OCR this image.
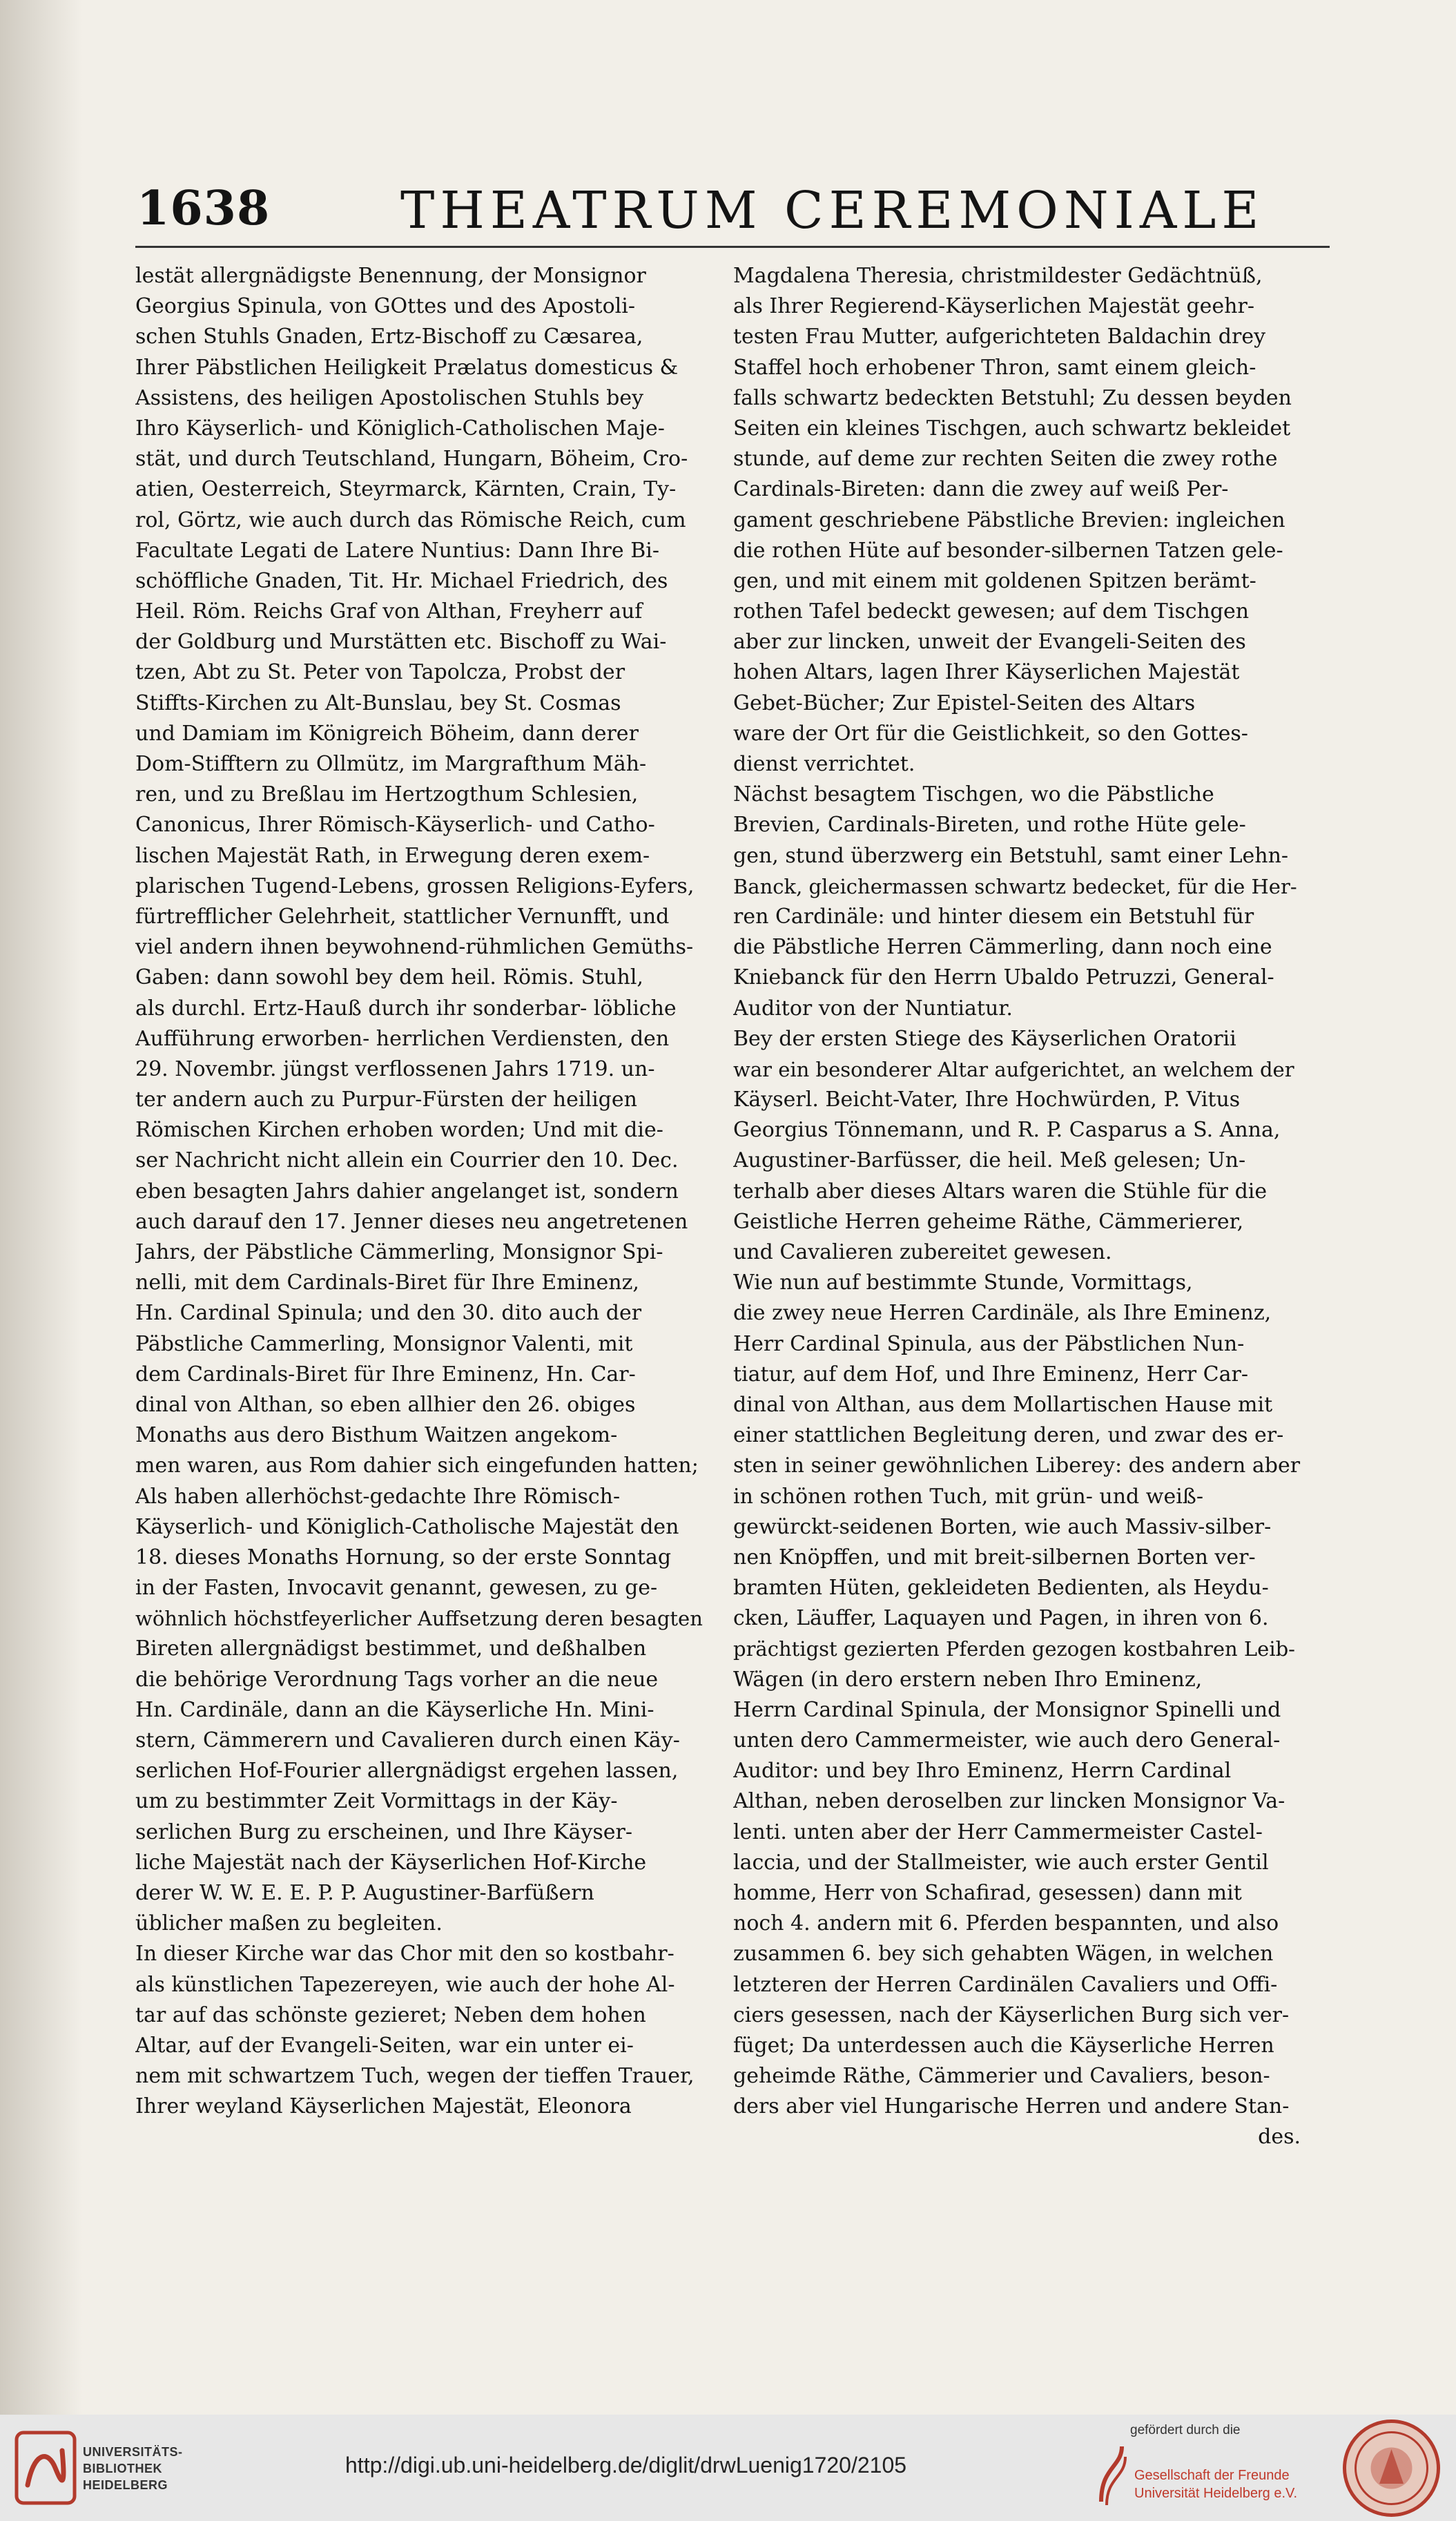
1638	THEATRUM CEREMONIALE
lestät allergnädigste Benennung, der Monsignor
Georgius Spinula, von GOttes und des Apostoli-
schen Stuhls Gnaden, Ertz-Bischoff zu Cæsarea,
Ihrer Päbstlichen Heiligkeit Prælatus domesticus &
Assistens, des heiligen Apostolischen Stuhls bey
Ihro Käyserlich- und Königlich-Catholischen Maje-
stät, und durch Teutschland, Hungarn, Böheim, Cro-
atien, Oesterreich, Steyrmarck, Kärnten, Crain, Ty-
rol, Görtz, wie auch durch das Römische Reich, cum
Facultate Legati de Latere Nuntius: Dann Ihre Bi-
schöffliche Gnaden, Tit. Hr. Michael Friedrich, des
Heil. Röm. Reichs Graf von Althan, Freyherr auf
der Goldburg und Murstätten etc. Bischoff zu Wai-
tzen, Abt zu St. Peter von Tapolcza, Probst der
Stiffts-Kirchen zu Alt-Bunslau, bey St. Cosmas
und Damiam im Königreich Böheim, dann derer
Dom-Stifftern zu Ollmütz, im Margrafthum Mäh-
ren, und zu Breßlau im Hertzogthum Schlesien,
Canonicus, Ihrer Römisch-Käyserlich- und Catho-
lischen Majestät Rath, in Erwegung deren exem-
plarischen Tugend-Lebens, grossen Religions-Eyfers,
fürtrefflicher Gelehrheit, stattlicher Vernunfft, und
viel andern ihnen beywohnend-rühmlichen Gemüths-
Gaben: dann sowohl bey dem heil. Römis. Stuhl,
als durchl. Ertz-Hauß durch ihr sonderbar- löbliche
Aufführung erworben- herrlichen Verdiensten, den
29. Novembr. jüngst verflossenen Jahrs 1719. un-
ter andern auch zu Purpur-Fürsten der heiligen
Römischen Kirchen erhoben worden; Und mit die-
ser Nachricht nicht allein ein Courrier den 10. Dec.
eben besagten Jahrs dahier angelanget ist, sondern
auch darauf den 17. Jenner dieses neu angetretenen
Jahrs, der Päbstliche Cämmerling, Monsignor Spi-
nelli, mit dem Cardinals-Biret für Ihre Eminenz,
Hn. Cardinal Spinula; und den 30. dito auch der
Päbstliche Cammerling, Monsignor Valenti, mit
dem Cardinals-Biret für Ihre Eminenz, Hn. Car-
dinal von Althan, so eben allhier den 26. obiges
Monaths aus dero Bisthum Waitzen angekom-
men waren, aus Rom dahier sich eingefunden hatten;
Als haben allerhöchst-gedachte Ihre Römisch-
Käyserlich- und Königlich-Catholische Majestät den
18. dieses Monaths Hornung, so der erste Sonntag
in der Fasten, Invocavit genannt, gewesen, zu ge-
wöhnlich höchstfeyerlicher Auffsetzung deren besagten
Bireten allergnädigst bestimmet, und deßhalben
die behörige Verordnung Tags vorher an die neue
Hn. Cardinäle, dann an die Käyserliche Hn. Mini-
stern, Cämmerern und Cavalieren durch einen Käy-
serlichen Hof-Fourier allergnädigst ergehen lassen,
um zu bestimmter Zeit Vormittags in der Käy-
serlichen Burg zu erscheinen, und Ihre Käyser-
liche Majestät nach der Käyserlichen Hof-Kirche
derer W. W. E. E. P. P. Augustiner-Barfüßern
üblicher maßen zu begleiten.
In dieser Kirche war das Chor mit den so kostbahr-
als künstlichen Tapezereyen, wie auch der hohe Al-
tar auf das schönste gezieret; Neben dem hohen
Altar, auf der Evangeli-Seiten, war ein unter ei-
nem mit schwartzem Tuch, wegen der tieffen Trauer,
Ihrer weyland Käyserlichen Majestät, Eleonora
Magdalena Theresia, christmildester Gedächtnüß,
als Ihrer Regierend-Käyserlichen Majestät geehr-
testen Frau Mutter, aufgerichteten Baldachin drey
Staffel hoch erhobener Thron, samt einem gleich-
falls schwartz bedeckten Betstuhl; Zu dessen beyden
Seiten ein kleines Tischgen, auch schwartz bekleidet
stunde, auf deme zur rechten Seiten die zwey rothe
Cardinals-Bireten: dann die zwey auf weiß Per-
gament geschriebene Päbstliche Brevien: ingleichen
die rothen Hüte auf besonder-silbernen Tatzen gele-
gen, und mit einem mit goldenen Spitzen berämt-
rothen Tafel bedeckt gewesen; auf dem Tischgen
aber zur lincken, unweit der Evangeli-Seiten des
hohen Altars, lagen Ihrer Käyserlichen Majestät
Gebet-Bücher; Zur Epistel-Seiten des Altars
ware der Ort für die Geistlichkeit, so den Gottes-
dienst verrichtet.
Nächst besagtem Tischgen, wo die Päbstliche
Brevien, Cardinals-Bireten, und rothe Hüte gele-
gen, stund überzwerg ein Betstuhl, samt einer Lehn-
Banck, gleichermassen schwartz bedecket, für die Her-
ren Cardinäle: und hinter diesem ein Betstuhl für
die Päbstliche Herren Cämmerling, dann noch eine
Kniebanck für den Herrn Ubaldo Petruzzi, General-
Auditor von der Nuntiatur.
Bey der ersten Stiege des Käyserlichen Oratorii
war ein besonderer Altar aufgerichtet, an welchem der
Käyserl. Beicht-Vater, Ihre Hochwürden, P. Vitus
Georgius Tönnemann, und R. P. Casparus a S. Anna,
Augustiner-Barfüsser, die heil. Meß gelesen; Un-
terhalb aber dieses Altars waren die Stühle für die
Geistliche Herren geheime Räthe, Cämmerierer,
und Cavalieren zubereitet gewesen.
Wie nun auf bestimmte Stunde, Vormittags,
die zwey neue Herren Cardinäle, als Ihre Eminenz,
Herr Cardinal Spinula, aus der Päbstlichen Nun-
tiatur, auf dem Hof, und Ihre Eminenz, Herr Car-
dinal von Althan, aus dem Mollartischen Hause mit
einer stattlichen Begleitung deren, und zwar des er-
sten in seiner gewöhnlichen Liberey: des andern aber
in schönen rothen Tuch, mit grün- und weiß-
gewürckt-seidenen Borten, wie auch Massiv-silber-
nen Knöpffen, und mit breit-silbernen Borten ver-
bramten Hüten, gekleideten Bedienten, als Heydu-
cken, Läuffer, Laquayen und Pagen, in ihren von 6.
prächtigst gezierten Pferden gezogen kostbahren Leib-
Wägen (in dero erstern neben Ihro Eminenz,
Herrn Cardinal Spinula, der Monsignor Spinelli und
unten dero Cammermeister, wie auch dero General-
Auditor: und bey Ihro Eminenz, Herrn Cardinal
Althan, neben deroselben zur lincken Monsignor Va-
lenti. unten aber der Herr Cammermeister Castel-
laccia, und der Stallmeister, wie auch erster Gentil
homme, Herr von Schafirad, gesessen) dann mit
noch 4. andern mit 6. Pferden bespannten, und also
zusammen 6. bey sich gehabten Wägen, in welchen
letzteren der Herren Cardinälen Cavaliers und Offi-
ciers gesessen, nach der Käyserlichen Burg sich ver-
füget; Da unterdessen auch die Käyserliche Herren
geheimde Räthe, Cämmerier und Cavaliers, beson-
ders aber viel Hungarische Herren und andere Stan-
des.
UNIVERSITÄTS-
BIBLIOTHEK
HEIDELBERG
http://digi.ub.uni-heidelberg.de/diglit/drwLuenig1720/2105
gefördert durch die
Gesellschaft der Freunde
Universität Heidelberg e.V.
